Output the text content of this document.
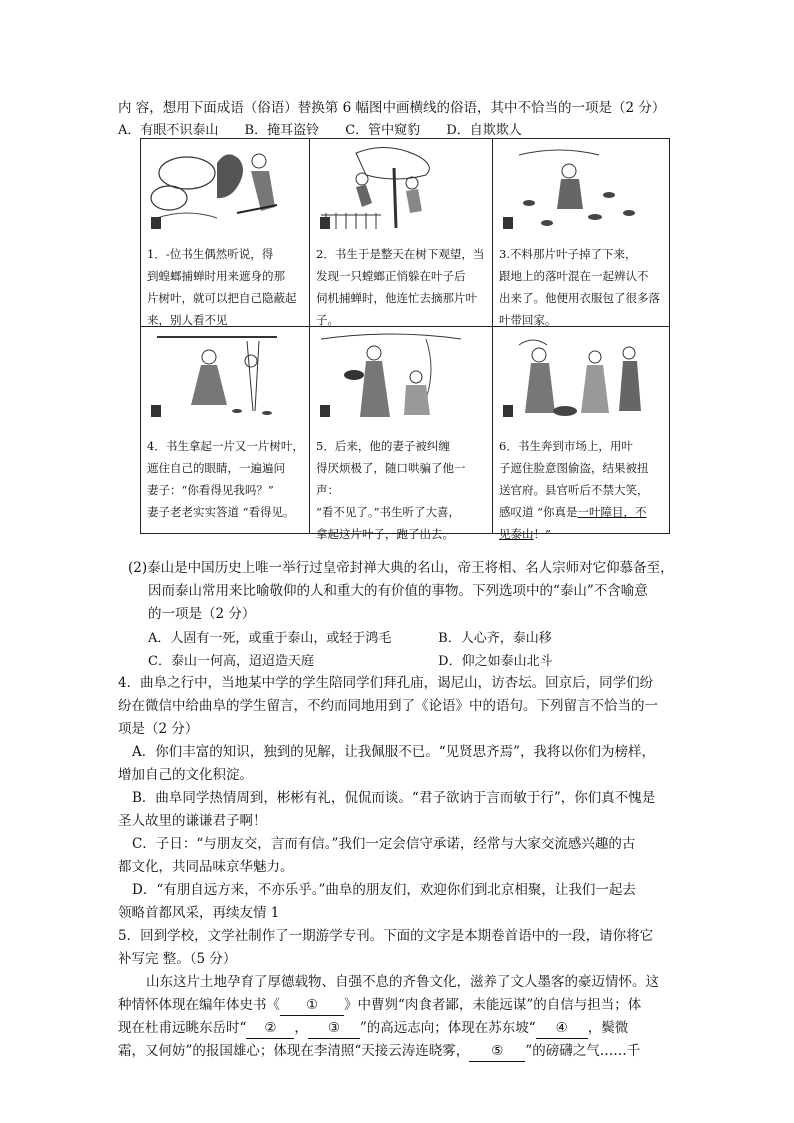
内 容，想用下面成语（俗语）替换第 6 幅图中画横线的俗语，其中不恰当的一项是（2 分）
A．有眼不识泰山 B．掩耳盗铃 C．管中窥豹 D．自欺欺人
1．-位书生偶然听说，得
到蝗螂捕蝉时用来遮身的那
片树叶，就可以把自己隐蔽起
来，别人看不见
2．书生于是整天在树下观望，当
发现一只螳螂正悄躲在叶子后
伺机捕蝉时，他连忙去摘那片叶
子。
3.不料那片叶子掉了下来，
跟地上的落叶混在一起辨认不
出来了。他便用衣服包了很多落
叶带回家。
4．书生拿起一片又一片树叶，
遮住自己的眼睛，一遍遍问
妻子：“你看得见我吗？”
妻子老老实实答道 “看得见。
5．后来，他的妻子被纠缠
得厌烦极了，随口哄骗了他一声：
“看不见了。”书生听了大喜，
拿起这片叶子，跑了出去。
6．书生奔到市场上，用叶
子遮住脸意图偷盗，结果被扭
送官府。县官听后不禁大笑，
感叹道 “你真是一叶障目，不
见泰山！”
(2)泰山是中国历史上唯一举行过皇帝封禅大典的名山，帝王将相、名人宗师对它仰慕备至，
因而泰山常用来比喻敬仰的人和重大的有价值的事物。下列选项中的“泰山”不含喻意
的一项是（2 分）
A．人固有一死，或重于泰山，或轻于鸿毛	B．人心齐，泰山移
C．泰山一何高，迢迢造天庭	D．仰之如泰山北斗
4．曲阜之行中，当地某中学的学生陪同学们拜孔庙，谒尼山，访杏坛。回京后，同学们纷
纷在微信中给曲阜的学生留言，不约而同地用到了《论语》中的语句。下列留言不恰当的一
项是（2 分）
A．你们丰富的知识，独到的见解，让我佩服不已。“见贤思齐焉”，我将以你们为榜样，
增加自己的文化积淀。
B．曲阜同学热情周到，彬彬有礼，侃侃而谈。“君子欲讷于言而敏于行”，你们真不愧是
圣人故里的谦谦君子啊！
C．子日：“与朋友交，言而有信。”我们一定会信守承诺，经常与大家交流感兴趣的古
都文化，共同品味京华魅力。
D．“有朋自远方来，不亦乐乎。”曲阜的朋友们，欢迎你们到北京相聚，让我们一起去
领略首都风采，再续友情 1
5．回到学校，文学社制作了一期游学专刊。下面的文字是本期卷首语中的一段，请你将它
补写完 整。（5 分）
山东这片土地孕育了厚德载物、自强不息的齐鲁文化，滋养了文人墨客的豪迈情怀。这
种情怀体现在编年体史书《 ① 》中曹刿“肉食者鄙，未能远谋”的自信与担当；体
现在杜甫远眺东岳时“ ② ， ③ ”的高远志向；体现在苏东坡“ ④ ，鬓微
霜，又何妨”的报国雄心；体现在李清照“天接云涛连晓雾， ⑤ ”的磅礴之气……千
